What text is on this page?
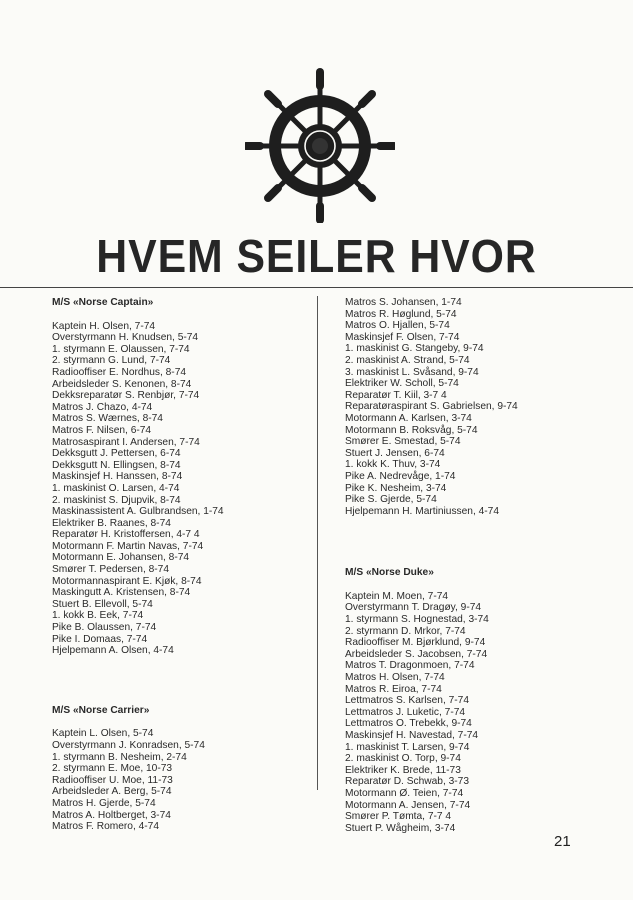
HVEM SEILER HVOR
M/S «Norse Captain»
Kaptein H. Olsen, 7-74
Overstyrmann H. Knudsen, 5-74
1. styrmann E. Olaussen, 7-74
2. styrmann G. Lund, 7-74
Radiooffiser E. Nordhus, 8-74
Arbeidsleder S. Kenonen, 8-74
Dekksreparatør S. Renbjør, 7-74
Matros J. Chazo, 4-74
Matros S. Wærnes, 8-74
Matros F. Nilsen, 6-74
Matrosaspirant I. Andersen, 7-74
Dekksgutt J. Pettersen, 6-74
Dekksgutt N. Ellingsen, 8-74
Maskinsjef H. Hanssen, 8-74
1. maskinist O. Larsen, 4-74
2. maskinist S. Djupvik, 8-74
Maskinassistent A. Gulbrandsen, 1-74
Elektriker B. Raanes, 8-74
Reparatør H. Kristoffersen, 4-7 4
Motormann F. Martin Navas, 7-74
Motormann E. Johansen, 8-74
Smører T. Pedersen, 8-74
Motormannaspirant E. Kjøk, 8-74
Maskingutt A. Kristensen, 8-74
Stuert B. Ellevoll, 5-74
1. kokk B. Eek, 7-74
Pike B. Olaussen, 7-74
Pike I. Domaas, 7-74
Hjelpemann A. Olsen, 4-74
M/S «Norse Carrier»
Kaptein L. Olsen, 5-74
Overstyrmann J. Konradsen, 5-74
1. styrmann B. Nesheim, 2-74
2. styrmann E. Moe, 10-73
Radiooffiser U. Moe, 11-73
Arbeidsleder A. Berg, 5-74
Matros H. Gjerde, 5-74
Matros A. Holtberget, 3-74
Matros F. Romero, 4-74
Matros S. Johansen, 1-74
Matros R. Høglund, 5-74
Matros O. Hjallen, 5-74
Maskinsjef F. Olsen, 7-74
1. maskinist G. Stangeby, 9-74
2. maskinist A. Strand, 5-74
3. maskinist L. Svåsand, 9-74
Elektriker W. Scholl, 5-74
Reparatør T. Kiil, 3-7 4
Reparatøraspirant S. Gabrielsen, 9-74
Motormann A. Karlsen, 3-74
Motormann B. Roksvåg, 5-74
Smører E. Smestad, 5-74
Stuert J. Jensen, 6-74
1. kokk K. Thuv, 3-74
Pike A. Nedrevåge, 1-74
Pike K. Nesheim, 3-74
Pike S. Gjerde, 5-74
Hjelpemann H. Martiniussen, 4-74
M/S «Norse Duke»
Kaptein M. Moen, 7-74
Overstyrmann T. Dragøy, 9-74
1. styrmann S. Hognestad, 3-74
2. styrmann D. Mrkor, 7-74
Radiooffiser M. Bjørklund, 9-74
Arbeidsleder S. Jacobsen, 7-74
Matros T. Dragonmoen, 7-74
Matros H. Olsen, 7-74
Matros R. Eiroa, 7-74
Lettmatros S. Karlsen, 7-74
Lettmatros J. Luketic, 7-74
Lettmatros O. Trebekk, 9-74
Maskinsjef H. Navestad, 7-74
1. maskinist T. Larsen, 9-74
2. maskinist O. Torp, 9-74
Elektriker K. Brede, 11-73
Reparatør D. Schwab, 3-73
Motormann Ø. Teien, 7-74
Motormann A. Jensen, 7-74
Smører P. Tømta, 7-7 4
Stuert P. Wågheim, 3-74
21
